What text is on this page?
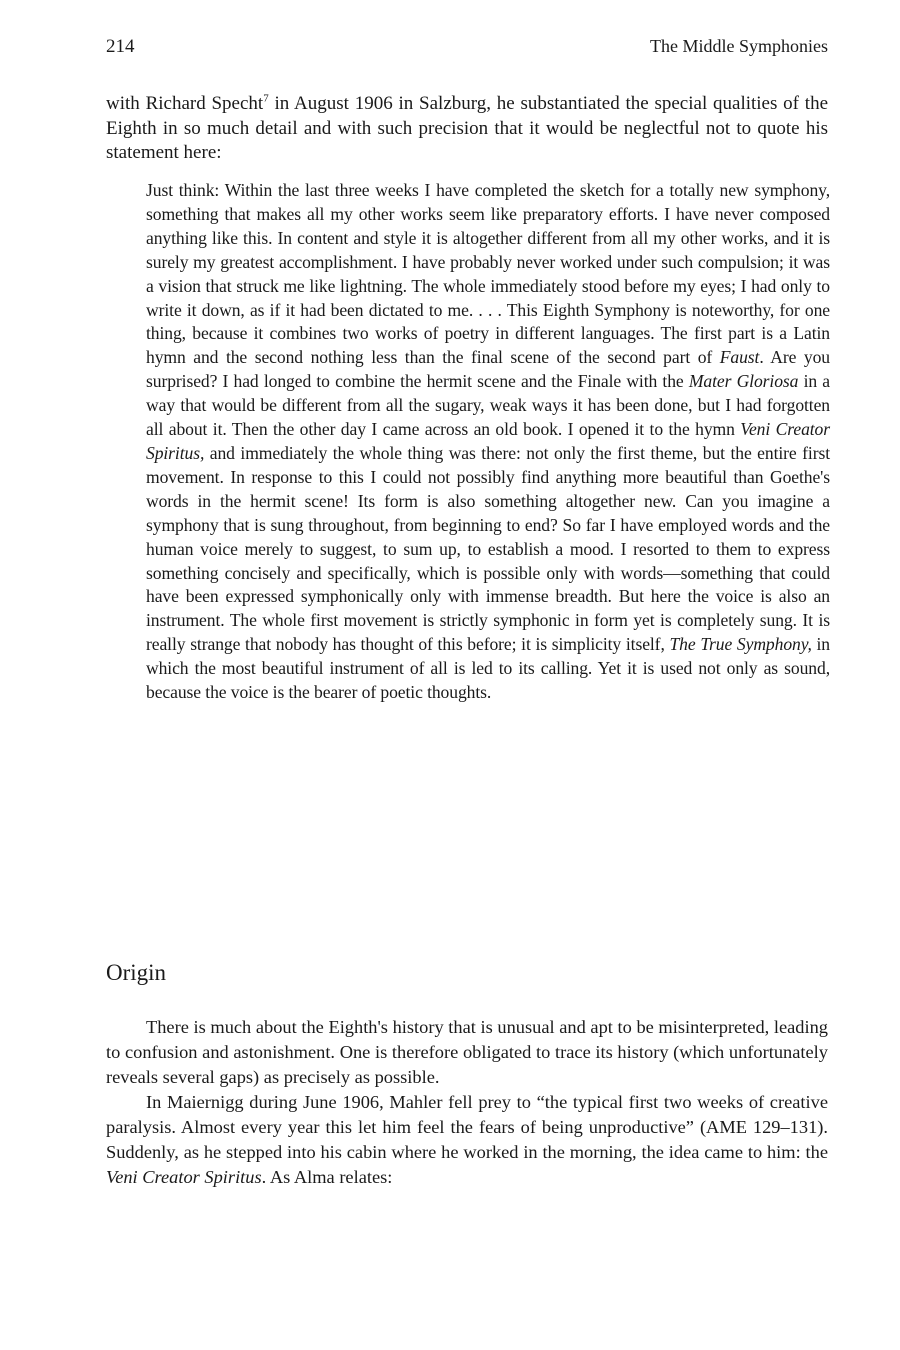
214	The Middle Symphonies

with Richard Specht$^7$ in August 1906 in Salzburg, he substantiated the special qualities of the Eighth in so much detail and with such precision that it would be neglectful not to quote his statement here:

Just think: Within the last three weeks I have completed the sketch for a totally new symphony, something that makes all my other works seem like preparatory efforts. I have never composed anything like this. In content and style it is altogether different from all my other works, and it is surely my greatest accomplishment. I have probably never worked under such compulsion; it was a vision that struck me like lightning. The whole immediately stood before my eyes; I had only to write it down, as if it had been dictated to me. . . . This Eighth Symphony is noteworthy, for one thing, because it combines two works of poetry in different languages. The first part is a Latin hymn and the second nothing less than the final scene of the second part of Faust. Are you surprised? I had longed to combine the hermit scene and the Finale with the Mater Gloriosa in a way that would be different from all the sugary, weak ways it has been done, but I had forgotten all about it. Then the other day I came across an old book. I opened it to the hymn Veni Creator Spiritus, and immediately the whole thing was there: not only the first theme, but the entire first movement. In response to this I could not possibly find anything more beautiful than Goethe's words in the hermit scene! Its form is also something altogether new. Can you imagine a symphony that is sung throughout, from beginning to end? So far I have employed words and the human voice merely to suggest, to sum up, to establish a mood. I resorted to them to express something concisely and specifically, which is possible only with words—something that could have been expressed symphonically only with immense breadth. But here the voice is also an instrument. The whole first movement is strictly symphonic in form yet is completely sung. It is really strange that nobody has thought of this before; it is simplicity itself, The True Symphony, in which the most beautiful instrument of all is led to its calling. Yet it is used not only as sound, because the voice is the bearer of poetic thoughts.

Origin

There is much about the Eighth's history that is unusual and apt to be misinterpreted, leading to confusion and astonishment. One is therefore obligated to trace its history (which unfortunately reveals several gaps) as precisely as possible.

In Maiernigg during June 1906, Mahler fell prey to “the typical first two weeks of creative paralysis. Almost every year this let him feel the fears of being unproductive” (AME 129–131). Suddenly, as he stepped into his cabin where he worked in the morning, the idea came to him: the Veni Creator Spiritus. As Alma relates:
